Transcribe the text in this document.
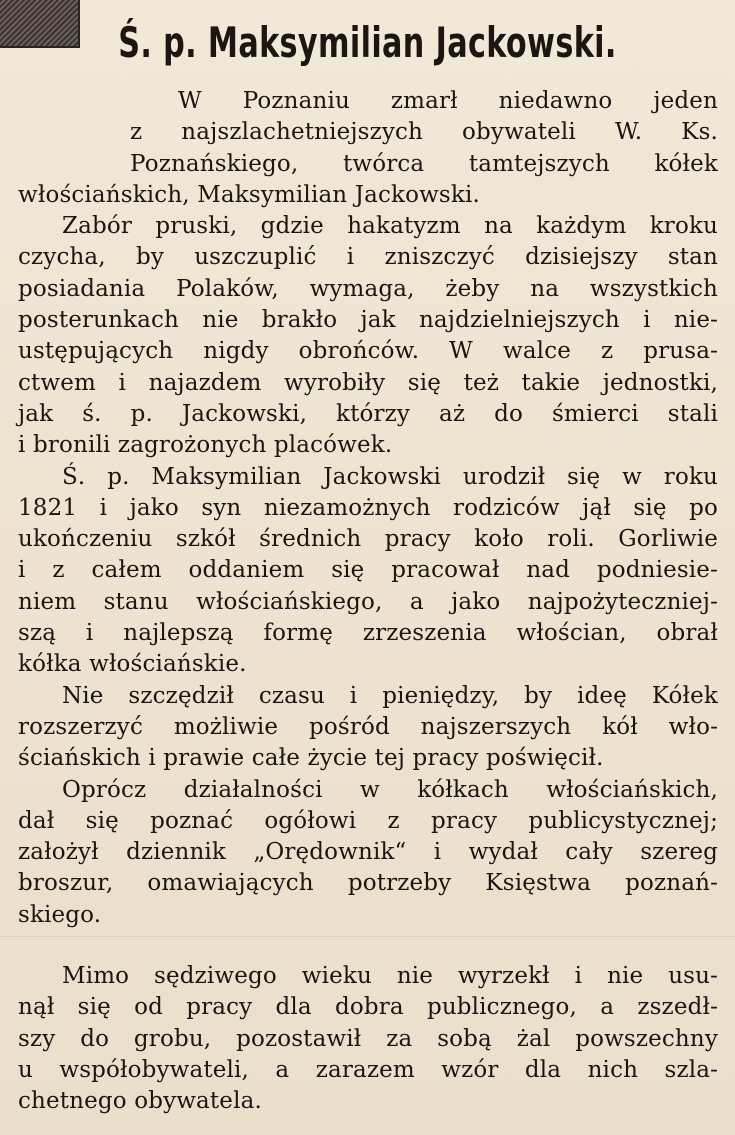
Ś. p. Maksymilian Jackowski.
W Poznaniu zmarł niedawno jeden
z najszlachetniejszych obywateli W. Ks.
Poznańskiego, twórca tamtejszych kółek
włościańskich, Maksymilian Jackowski.
Zabór pruski, gdzie hakatyzm na każdym kroku
czycha, by uszczuplić i zniszczyć dzisiejszy stan
posiadania Polaków, wymaga, żeby na wszystkich
posterunkach nie brakło jak najdzielniejszych i nie-
ustępujących nigdy obrońców. W walce z prusa-
ctwem i najazdem wyrobiły się też takie jednostki,
jak ś. p. Jackowski, którzy aż do śmierci stali
i bronili zagrożonych placówek.
Ś. p. Maksymilian Jackowski urodził się w roku
1821 i jako syn niezamożnych rodziców jął się po
ukończeniu szkół średnich pracy koło roli. Gorliwie
i z całem oddaniem się pracował nad podniesie-
niem stanu włościańskiego, a jako najpożyteczniej-
szą i najlepszą formę zrzeszenia włościan, obrał
kółka włościańskie.
Nie szczędził czasu i pieniędzy, by ideę Kółek
rozszerzyć możliwie pośród najszerszych kół wło-
ściańskich i prawie całe życie tej pracy poświęcił.
Oprócz działalności w kółkach włościańskich,
dał się poznać ogółowi z pracy publicystycznej;
założył dziennik „Orędownik“ i wydał cały szereg
broszur, omawiających potrzeby Księstwa poznań-
skiego.
Mimo sędziwego wieku nie wyrzekł i nie usu-
nął się od pracy dla dobra publicznego, a zszedł-
szy do grobu, pozostawił za sobą żal powszechny
u współobywateli, a zarazem wzór dla nich szla-
chetnego obywatela.
